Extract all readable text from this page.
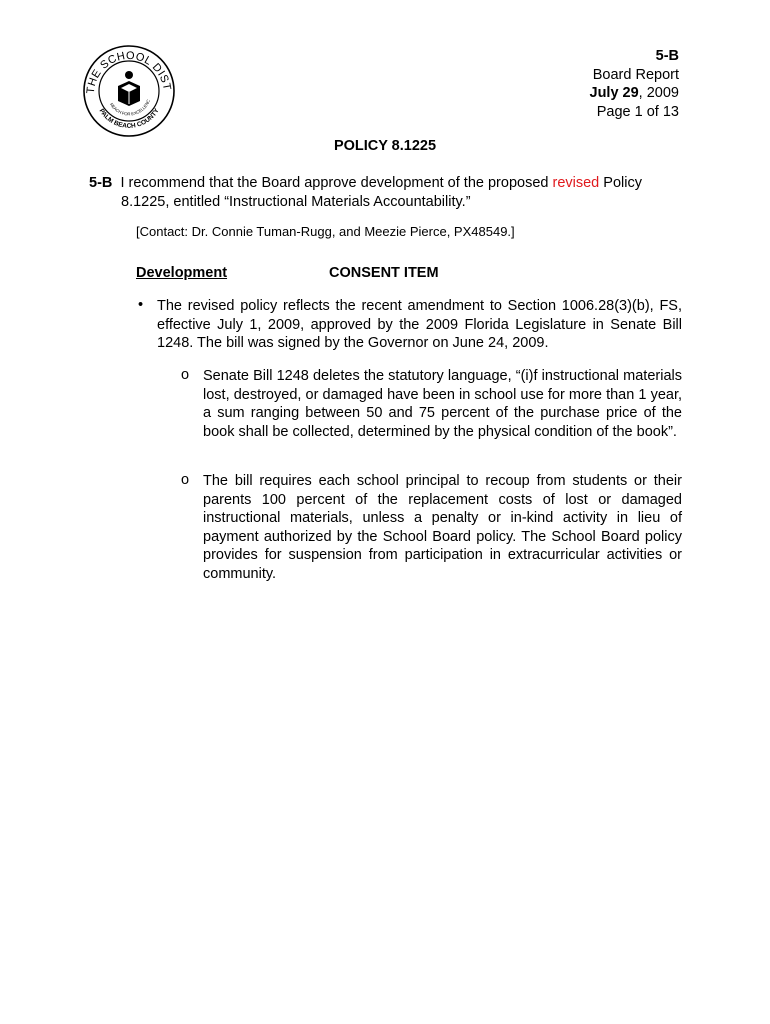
THE SCHOOL DIST
PALM BEACH COUNTY
REACH FOR EXCELLENC
5-B
Board Report
July 29, 2009
Page 1 of 13
POLICY 8.1225
5-B I recommend that the Board approve development of the proposed revised Policy
8.1225, entitled “Instructional Materials Accountability.”
[Contact: Dr. Connie Tuman-Rugg, and Meezie Pierce, PX48549.]
Development	CONSENT ITEM
• The revised policy reflects the recent amendment to Section 1006.28(3)(b), FS, effective July 1, 2009, approved by the 2009 Florida Legislature in Senate Bill 1248. The bill was signed by the Governor on June 24, 2009.
o Senate Bill 1248 deletes the statutory language, “(i)f instructional materials lost, destroyed, or damaged have been in school use for more than 1 year, a sum ranging between 50 and 75 percent of the purchase price of the book shall be collected, determined by the physical condition of the book”.
o The bill requires each school principal to recoup from students or their parents 100 percent of the replacement costs of lost or damaged instructional materials, unless a penalty or in-kind activity in lieu of payment authorized by the School Board policy. The School Board policy provides for suspension from participation in extracurricular activities or community.
